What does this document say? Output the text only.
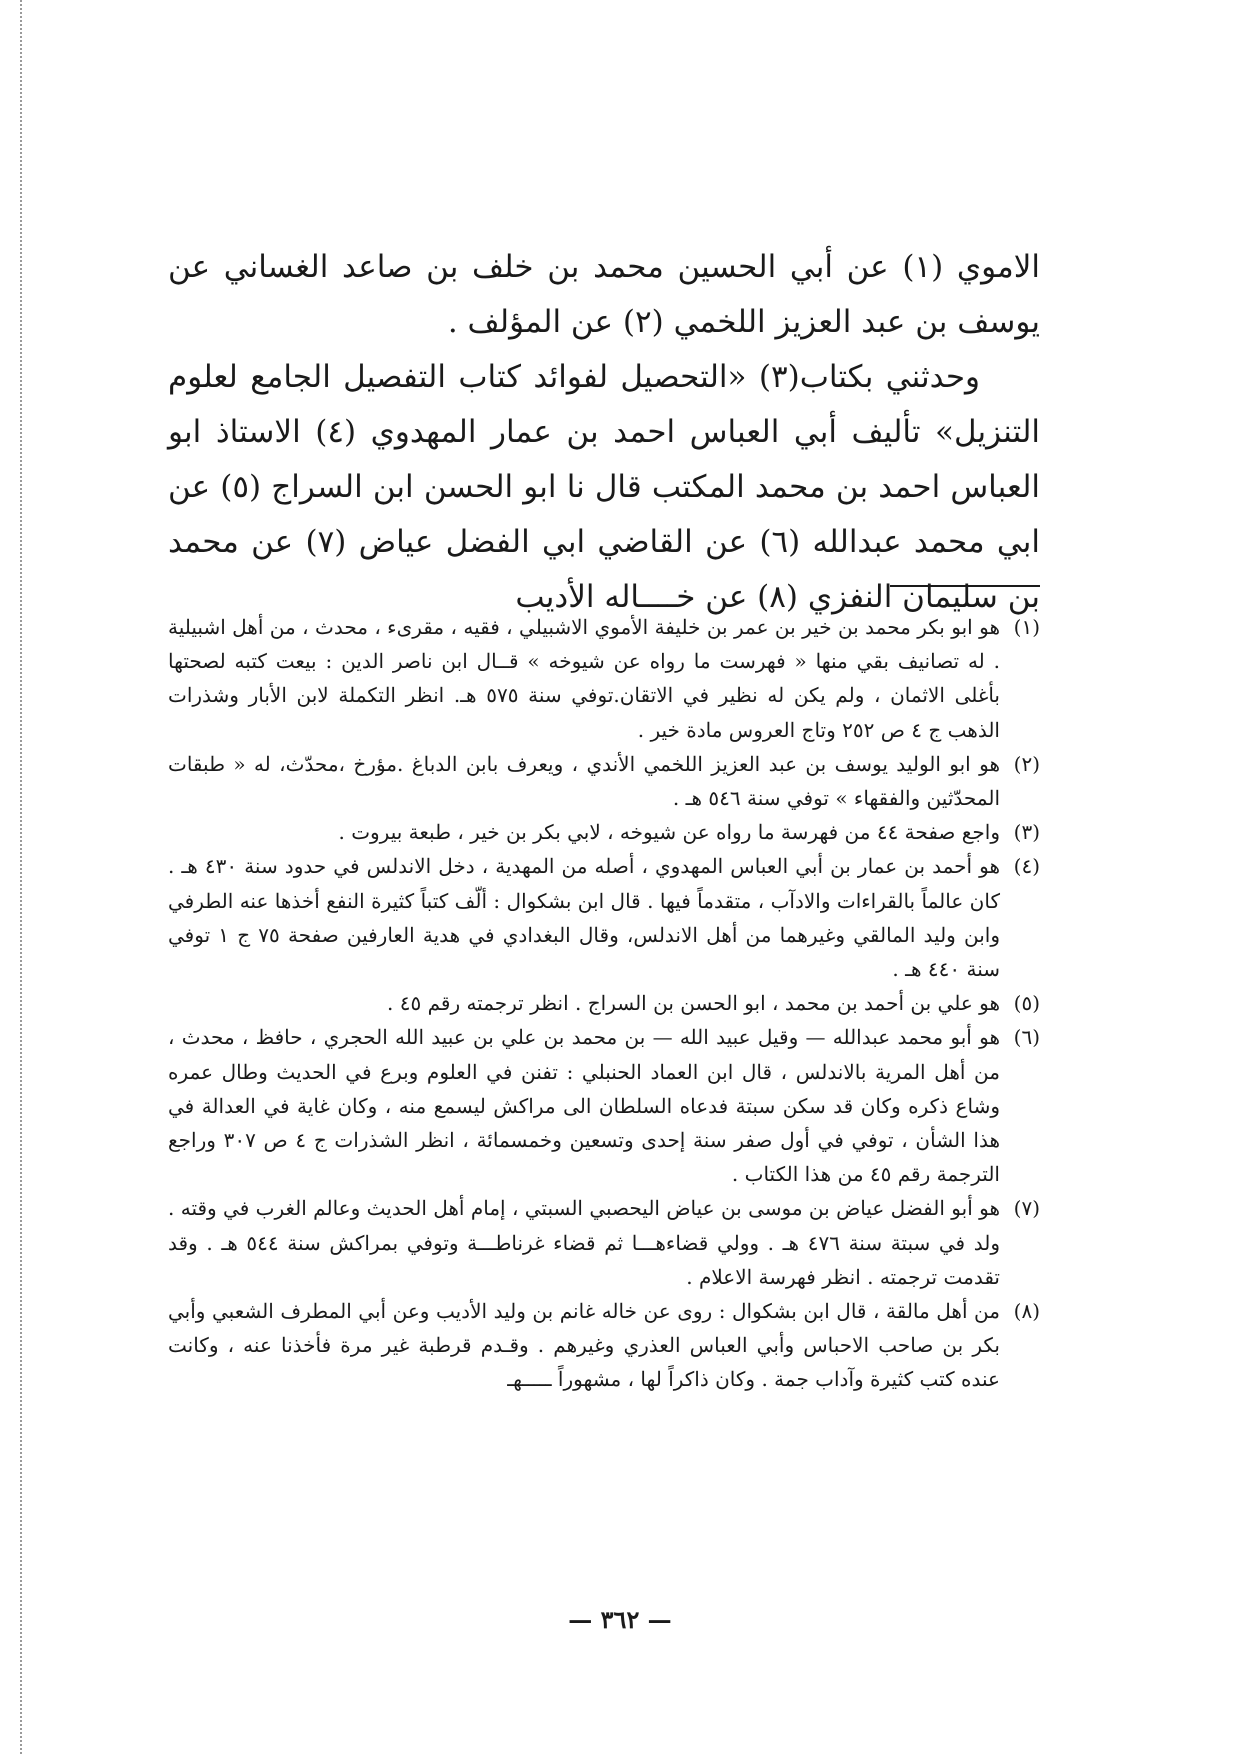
الاموي (١) عن أبي الحسين محمد بن خلف بن صاعد الغساني عن يوسف بن عبد العزيز اللخمي (٢) عن المؤلف .

وحدثني بكتاب(٣) «التحصيل لفوائد كتاب التفصيل الجامع لعلوم التنزيل» تأليف أبي العباس احمد بن عمار المهدوي (٤) الاستاذ ابو العباس احمد بن محمد المكتب قال نا ابو الحسن ابن السراج (٥) عن ابي محمد عبدالله (٦) عن القاضي ابي الفضل عياض (٧) عن محمد بن سليمان النفزي (٨) عن خــــاله الأديب

(١)هو ابو بكر محمد بن خير بن عمر بن خليفة الأموي الاشبيلي ، فقيه ، مقرىء ، محدث ، من أهل اشبيلية . له تصانيف بقي منها « فهرست ما رواه عن شيوخه » قــال ابن ناصر الدين : بيعت كتبه لصحتها بأغلى الاثمان ، ولم يكن له نظير في الاتقان.توفي سنة ٥٧٥ هـ. انظر التكملة لابن الأبار وشذرات الذهب ج ٤ ص ٢٥٢ وتاج العروس مادة خير .

(٢)هو ابو الوليد يوسف بن عبد العزيز اللخمي الأندي ، ويعرف بابن الدباغ .مؤرخ ،محدّث، له « طبقات المحدّثين والفقهاء » توفي سنة ٥٤٦ هـ .

(٣)واجع صفحة ٤٤ من فهرسة ما رواه عن شيوخه ، لابي بكر بن خير ، طبعة بيروت .

(٤)هو أحمد بن عمار بن أبي العباس المهدوي ، أصله من المهدية ، دخل الاندلس في حدود سنة ٤٣٠ هـ . كان عالماً بالقراءات والادآب ، متقدماً فيها . قال ابن بشكوال : ألّف كتباً كثيرة النفع أخذها عنه الطرفي وابن وليد المالقي وغيرهما من أهل الاندلس، وقال البغدادي في هدية العارفين صفحة ٧٥ ج ١ توفي سنة ٤٤٠ هـ .

(٥)هو علي بن أحمد بن محمد ، ابو الحسن بن السراج . انظر ترجمته رقم ٤٥ .

(٦)هو أبو محمد عبدالله — وقيل عبيد الله — بن محمد بن علي بن عبيد الله الحجري ، حافظ ، محدث ، من أهل المرية بالاندلس ، قال ابن العماد الحنبلي : تفنن في العلوم وبرع في الحديث وطال عمره وشاع ذكره وكان قد سكن سبتة فدعاه السلطان الى مراكش ليسمع منه ، وكان غاية في العدالة في هذا الشأن ، توفي في أول صفر سنة إحدى وتسعين وخمسمائة ، انظر الشذرات ج ٤ ص ٣٠٧ وراجع الترجمة رقم ٤٥ من هذا الكتاب .

(٧)هو أبو الفضل عياض بن موسى بن عياض اليحصبي السبتي ، إمام أهل الحديث وعالم الغرب في وقته . ولد في سبتة سنة ٤٧٦ هـ . وولي قضاءهـــا ثم قضاء غرناطـــة وتوفي بمراكش سنة ٥٤٤ هـ . وقد تقدمت ترجمته . انظر فهرسة الاعلام .

(٨)من أهل مالقة ، قال ابن بشكوال : روى عن خاله غانم بن وليد الأديب وعن أبي المطرف الشعبي وأبي بكر بن صاحب الاحباس وأبي العباس العذري وغيرهم . وقـدم قرطبة غير مرة فأخذنا عنه ، وكانت عنده كتب كثيرة وآداب جمة . وكان ذاكراً لها ، مشهوراً ـــــهـ

— ٣٦٢ —
